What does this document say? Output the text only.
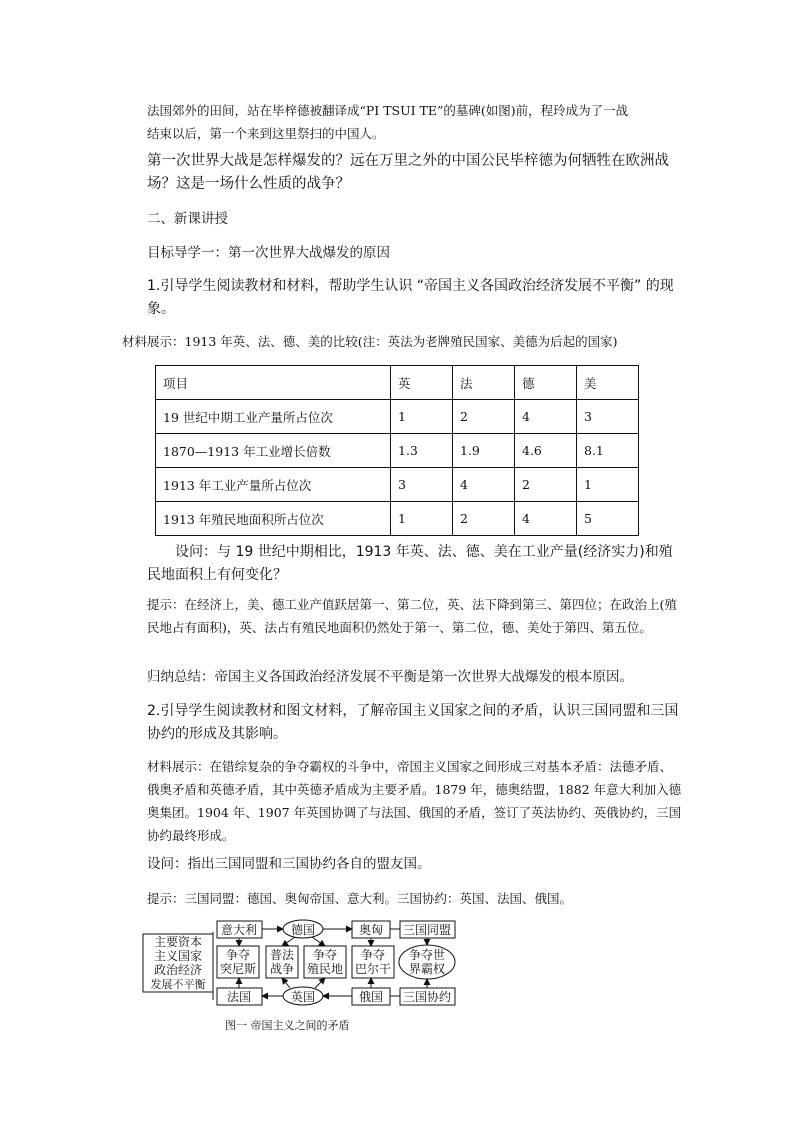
法国郊外的田间，站在毕梓德被翻译成“PI TSUI TE”的墓碑(如图)前，程玲成为了一战

结束以后，第一个来到这里祭扫的中国人。

第一次世界大战是怎样爆发的？远在万里之外的中国公民毕梓德为何牺牲在欧洲战场？这是一场什么性质的战争？

二、新课讲授

目标导学一：第一次世界大战爆发的原因

1.引导学生阅读教材和材料，帮助学生认识 “帝国主义各国政治经济发展不平衡” 的现象。

材料展示：1913 年英、法、德、美的比较(注：英法为老牌殖民国家、美德为后起的国家)

项目	英	法	德	美
19 世纪中期工业产量所占位次	1	2	4	3
1870—1913 年工业增长倍数	1.3	1.9	4.6	8.1
1913 年工业产量所占位次	3	4	2	1
1913 年殖民地面积所占位次	1	2	4	5

设问：与 19 世纪中期相比，1913 年英、法、德、美在工业产量(经济实力)和殖民地面积上有何变化？

提示：在经济上，美、德工业产值跃居第一、第二位，英、法下降到第三、第四位；在政治上(殖民地占有面积)，英、法占有殖民地面积仍然处于第一、第二位，德、美处于第四、第五位。

归纳总结：帝国主义各国政治经济发展不平衡是第一次世界大战爆发的根本原因。

2.引导学生阅读教材和图文材料，了解帝国主义国家之间的矛盾，认识三国同盟和三国协约的形成及其影响。

材料展示：在错综复杂的争夺霸权的斗争中，帝国主义国家之间形成三对基本矛盾：法德矛盾、俄奥矛盾和英德矛盾，其中英德矛盾成为主要矛盾。1879 年，德奥结盟，1882 年意大利加入德奥集团。1904 年、1907 年英国协调了与法国、俄国的矛盾，签订了英法协约、英俄协约，三国协约最终形成。

设问：指出三国同盟和三国协约各自的盟友国。

提示：三国同盟：德国、奥匈帝国、意大利。三国协约：英国、法国、俄国。

主要资本
主义国家
政治经济
发展不平衡
意大利	德国	奥匈 三国同盟
争夺
突尼斯
普法
战争
争夺
殖民地
争夺
巴尔干
争夺世
界霸权
法国	英国	俄国 三国协约
图一 帝国主义之间的矛盾
